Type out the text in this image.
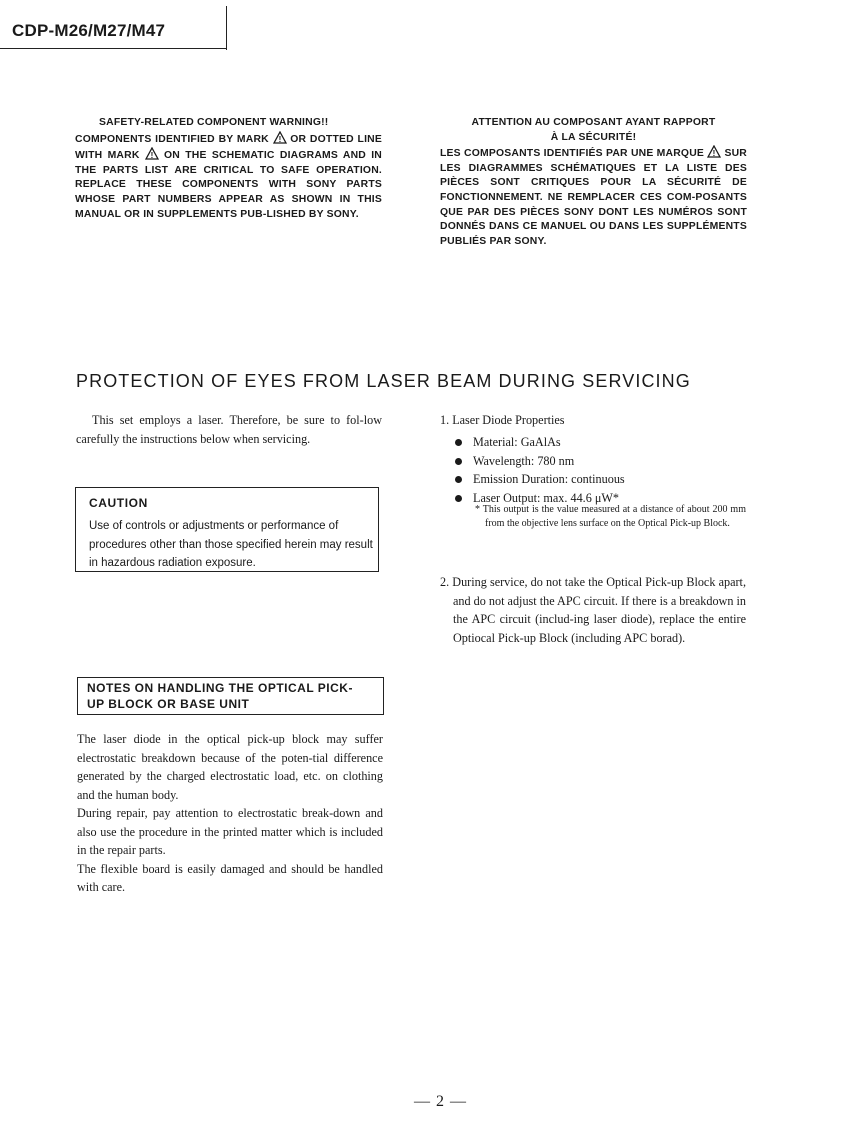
CDP-M26/M27/M47
SAFETY-RELATED COMPONENT WARNING!!
COMPONENTS IDENTIFIED BY MARK ! OR DOTTED LINE WITH MARK ! ON THE SCHEMATIC DIAGRAMS AND IN THE PARTS LIST ARE CRITICAL TO SAFE OPERATION. REPLACE THESE COMPONENTS WITH SONY PARTS WHOSE PART NUMBERS APPEAR AS SHOWN IN THIS MANUAL OR IN SUPPLEMENTS PUB-LISHED BY SONY.
ATTENTION AU COMPOSANT AYANT RAPPORT
À LA SÉCURITÉ!
LES COMPOSANTS IDENTIFIÉS PAR UNE MARQUE ! SUR LES DIAGRAMMES SCHÉMATIQUES ET LA LISTE DES PIÈCES SONT CRITIQUES POUR LA SÉCURITÉ DE FONCTIONNEMENT. NE REMPLACER CES COM-POSANTS QUE PAR DES PIÈCES SONY DONT LES NUMÉROS SONT DONNÉS DANS CE MANUEL OU DANS LES SUPPLÉMENTS PUBLIÉS PAR SONY.
PROTECTION OF EYES FROM LASER BEAM DURING SERVICING
This set employs a laser. Therefore, be sure to fol-low carefully the instructions below when servicing.
CAUTION
Use of controls or adjustments or performance of procedures other than those specified herein may result in hazardous radiation exposure.
NOTES ON HANDLING THE OPTICAL PICK-
UP BLOCK OR BASE UNIT
The laser diode in the optical pick-up block may suffer electrostatic breakdown because of the poten-tial difference generated by the charged electrostatic load, etc. on clothing and the human body.
During repair, pay attention to electrostatic break-down and also use the procedure in the printed matter which is included in the repair parts.
The flexible board is easily damaged and should be handled with care.
1. Laser Diode Properties
Material: GaAlAs
Wavelength: 780 nm
Emission Duration: continuous
Laser Output: max. 44.6 μW*
* This output is the value measured at a distance of about 200 mm from the objective lens surface on the Optical Pick-up Block.
2. During service, do not take the Optical Pick-up Block apart, and do not adjust the APC circuit. If there is a breakdown in the APC circuit (includ-ing laser diode), replace the entire Optiocal Pick-up Block (including APC borad).
— 2 —
